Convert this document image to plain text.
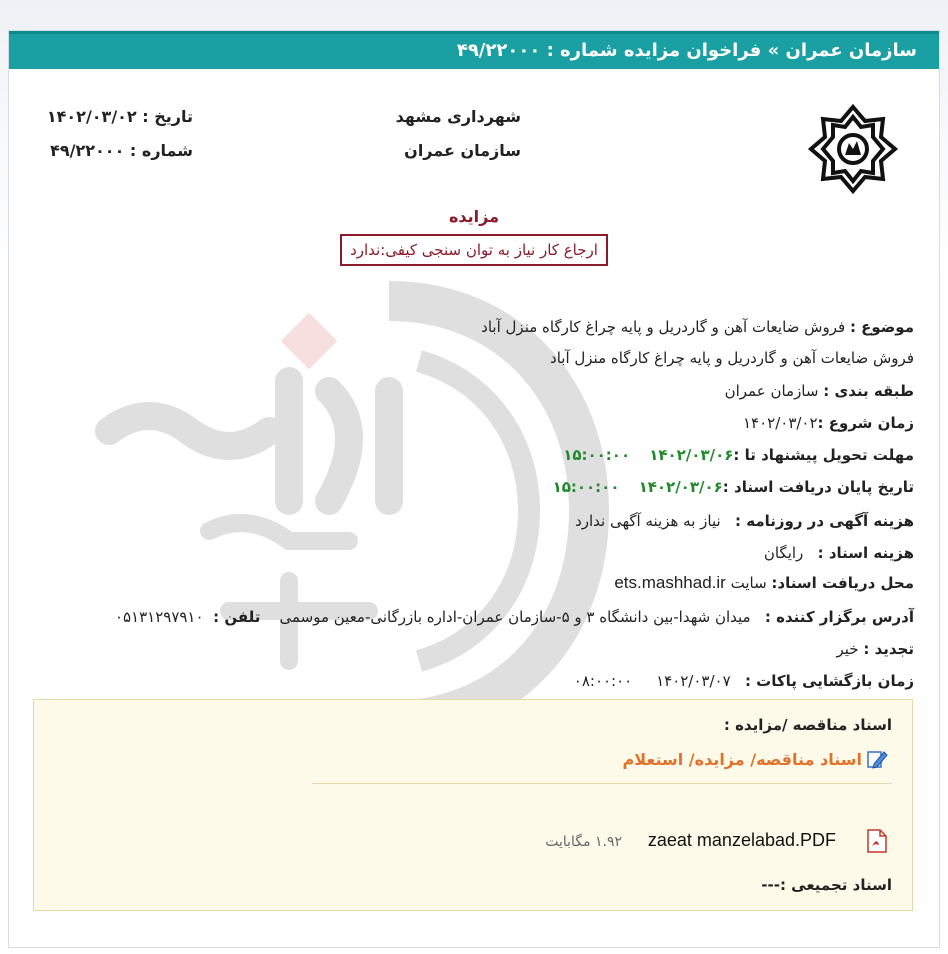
سازمان عمران » فراخوان مزایده شماره : ۴۹/۲۲۰۰۰
شهرداری مشهد
سازمان عمران
تاریخ : ۱۴۰۲/۰۳/۰۲
شماره : ۴۹/۲۲۰۰۰
مزایده
ارجاع کار نیاز به توان سنجی کیفی:ندارد
موضوع : فروش ضایعات آهن و گاردریل و پایه چراغ کارگاه منزل آباد
فروش ضایعات آهن و گاردریل و پایه چراغ کارگاه منزل آباد
طبقه بندی : سازمان عمران
زمان شروع :۱۴۰۲/۰۳/۰۲
مهلت تحویل پیشنهاد تا :۱۴۰۲/۰۳/۰۶    ۱۵:۰۰:۰۰
تاریخ پایان دریافت اسناد :۱۴۰۲/۰۳/۰۶    ۱۵:۰۰:۰۰
هزینه آگهی در روزنامه :   نیاز به هزینه آگهی ندارد
هزینه اسناد :   رایگان
محل دریافت اسناد: سایت ets.mashhad.ir
آدرس برگزار کننده :   میدان شهدا-بین دانشگاه ۳ و ۵-سازمان عمران-اداره بازرگانی-معین موسمی    تلفن :  ۰۵۱۳۱۲۹۷۹۱۰
تجدید : خیر
زمان بازگشایی پاکات :   ۱۴۰۲/۰۳/۰۷     ۰۸:۰۰:۰۰
اسناد مناقصه /مزایده :
اسناد مناقصه/ مزایده/ استعلام
zaeat manzelabad.PDF
۱.۹۲ مگابایت
اسناد تجمیعی :---
